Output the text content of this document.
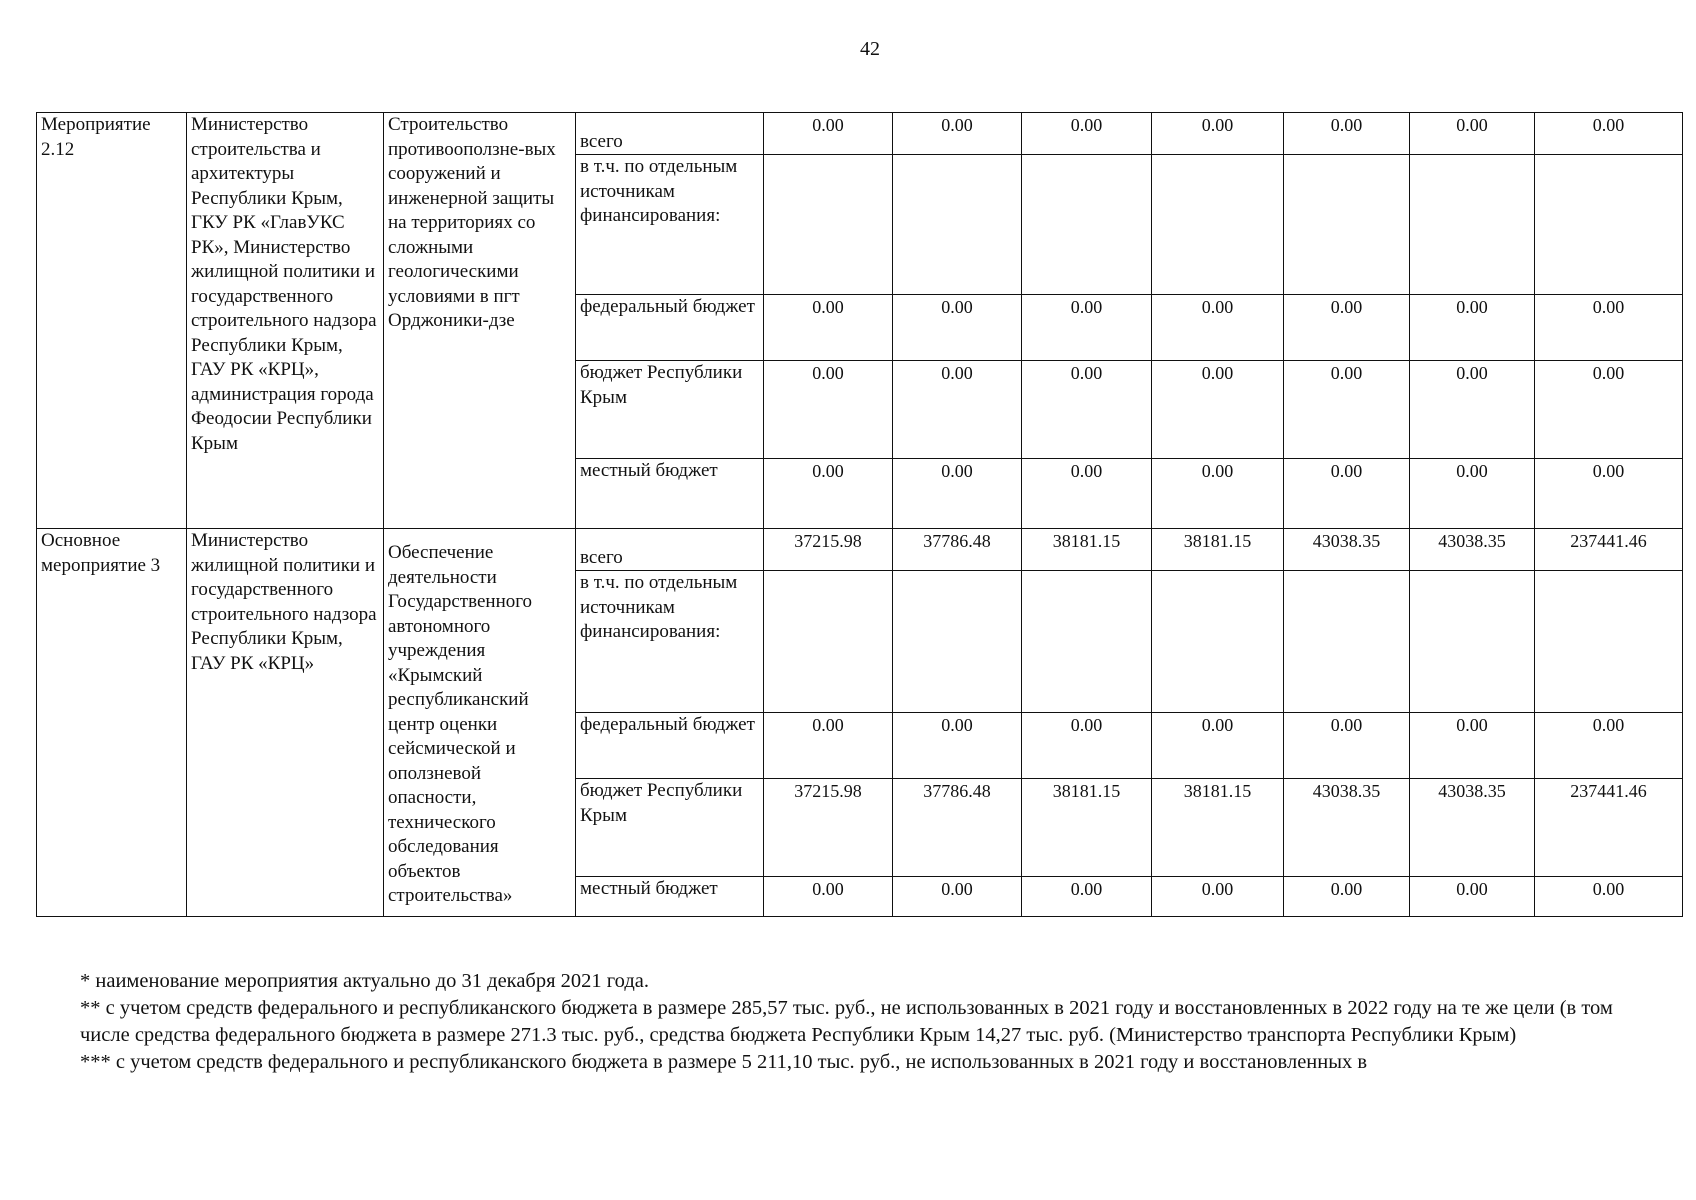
42
Мероприятие 2.12	Министерство строительства и архитектуры Республики Крым, ГКУ РК «ГлавУКС РК», Министерство жилищной политики и государственного строительного надзора Республики Крым, ГАУ РК «КРЦ», администрация города Феодосии Республики Крым	Строительство противооползне-вых сооружений и инженерной защиты на территориях со сложными геологическими условиями в пгт Орджоники-дзе	всего	0.00	0.00	0.00	0.00	0.00	0.00	0.00
			в т.ч. по отдельным источникам финансирования:							
			федеральный бюджет	0.00	0.00	0.00	0.00	0.00	0.00	0.00
			бюджет Республики Крым	0.00	0.00	0.00	0.00	0.00	0.00	0.00
			местный бюджет	0.00	0.00	0.00	0.00	0.00	0.00	0.00
Основное мероприятие 3	Министерство жилищной политики и государственного строительного надзора Республики Крым, ГАУ РК «КРЦ»	Обеспечение деятельности Государственного автономного учреждения «Крымский республиканский центр оценки сейсмической и оползневой опасности, технического обследования объектов строительства»	всего	37215.98	37786.48	38181.15	38181.15	43038.35	43038.35	237441.46
			в т.ч. по отдельным источникам финансирования:							
			федеральный бюджет	0.00	0.00	0.00	0.00	0.00	0.00	0.00
			бюджет Республики Крым	37215.98	37786.48	38181.15	38181.15	43038.35	43038.35	237441.46
			местный бюджет	0.00	0.00	0.00	0.00	0.00	0.00	0.00

* наименование мероприятия актуально до 31 декабря 2021 года.

** с учетом средств федерального и республиканского бюджета в размере 285,57 тыс. руб., не использованных в 2021 году и восстановленных в 2022 году на те же цели (в том числе средства федерального бюджета в размере 271.3 тыс. руб., средства бюджета Республики Крым 14,27 тыс. руб. (Министерство транспорта Республики Крым)

*** с учетом средств федерального и республиканского бюджета в размере 5 211,10 тыс. руб., не использованных в 2021 году и восстановленных в
